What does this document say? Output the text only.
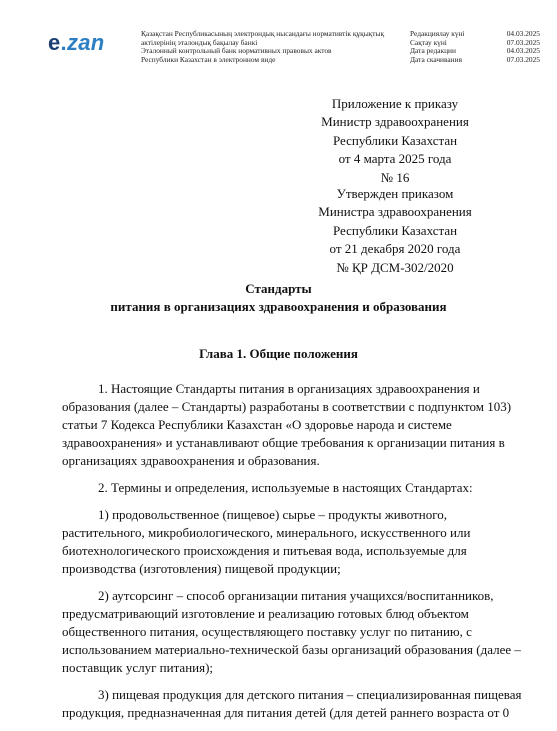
e.zan	Қазақстан Республикасының электрондық нысандағы нормативтік құқықтық
актілерінің эталондық бақылау банкі
Эталонный контрольный банк нормативных правовых актов
Республики Казахстан в электронном виде
Редакциялау күні	04.03.2025
Сақтау күні	07.03.2025
Дата редакции	04.03.2025
Дата скачивания	07.03.2025
Приложение к приказу
Министр здравоохранения
Республики Казахстан
от 4 марта 2025 года
№ 16
Утвержден приказом
Министра здравоохранения
Республики Казахстан
от 21 декабря 2020 года
№ ҚР ДСМ-302/2020
Стандарты
питания в организациях здравоохранения и образования
Глава 1. Общие положения
1. Настоящие Стандарты питания в организациях здравоохранения и
образования (далее – Стандарты) разработаны в соответствии с подпунктом 103)
статьи 7 Кодекса Республики Казахстан «О здоровье народа и системе
здравоохранения» и устанавливают общие требования к организации питания в
организациях здравоохранения и образования.
2. Термины и определения, используемые в настоящих Стандартах:
1) продовольственное (пищевое) сырье – продукты животного,
растительного, микробиологического, минерального, искусственного или
биотехнологического происхождения и питьевая вода, используемые для
производства (изготовления) пищевой продукции;
2) аутсорсинг – способ организации питания учащихся/воспитанников,
предусматривающий изготовление и реализацию готовых блюд объектом
общественного питания, осуществляющего поставку услуг по питанию, с
использованием материально-технической базы организаций образования (далее –
поставщик услуг питания);
3) пищевая продукция для детского питания – специализированная пищевая
продукция, предназначенная для питания детей (для детей раннего возраста от 0
